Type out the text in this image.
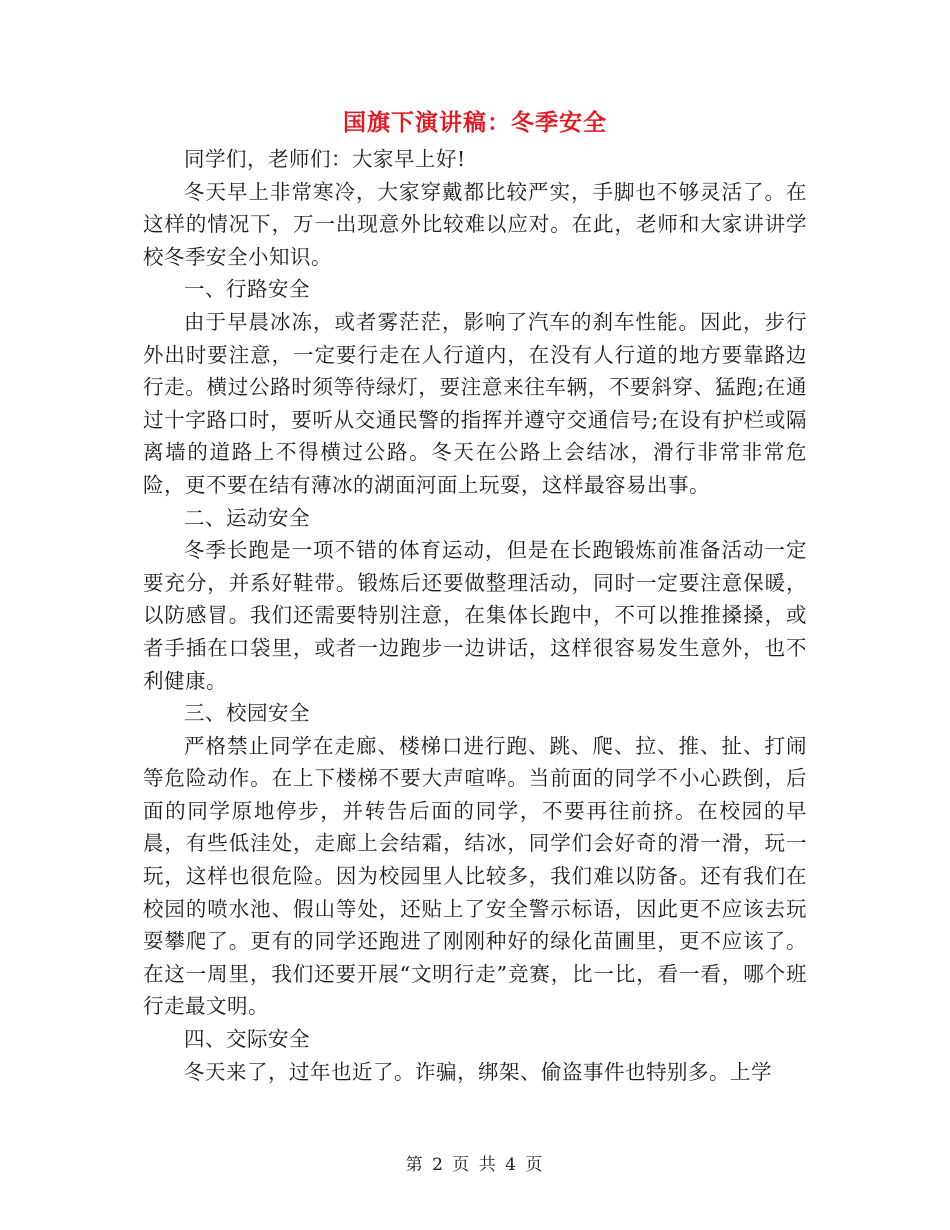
国旗下演讲稿：冬季安全

同学们，老师们：大家早上好!

冬天早上非常寒冷，大家穿戴都比较严实，手脚也不够灵活了。在这样的情况下，万一出现意外比较难以应对。在此，老师和大家讲讲学校冬季安全小知识。

一、行路安全

由于早晨冰冻，或者雾茫茫，影响了汽车的刹车性能。因此，步行外出时要注意，一定要行走在人行道内，在没有人行道的地方要靠路边行走。横过公路时须等待绿灯，要注意来往车辆，不要斜穿、猛跑;在通过十字路口时，要听从交通民警的指挥并遵守交通信号;在设有护栏或隔离墙的道路上不得横过公路。冬天在公路上会结冰，滑行非常非常危险，更不要在结有薄冰的湖面河面上玩耍，这样最容易出事。

二、运动安全

冬季长跑是一项不错的体育运动，但是在长跑锻炼前准备活动一定要充分，并系好鞋带。锻炼后还要做整理活动，同时一定要注意保暖，以防感冒。我们还需要特别注意，在集体长跑中，不可以推推搡搡，或者手插在口袋里，或者一边跑步一边讲话，这样很容易发生意外，也不利健康。

三、校园安全

严格禁止同学在走廊、楼梯口进行跑、跳、爬、拉、推、扯、打闹等危险动作。在上下楼梯不要大声喧哗。当前面的同学不小心跌倒，后面的同学原地停步，并转告后面的同学，不要再往前挤。在校园的早晨，有些低洼处，走廊上会结霜，结冰，同学们会好奇的滑一滑，玩一玩，这样也很危险。因为校园里人比较多，我们难以防备。还有我们在校园的喷水池、假山等处，还贴上了安全警示标语，因此更不应该去玩耍攀爬了。更有的同学还跑进了刚刚种好的绿化苗圃里，更不应该了。在这一周里，我们还要开展“文明行走”竞赛，比一比，看一看，哪个班行走最文明。

四、交际安全

冬天来了，过年也近了。诈骗，绑架、偷盗事件也特别多。上学

第 2 页 共 4 页
